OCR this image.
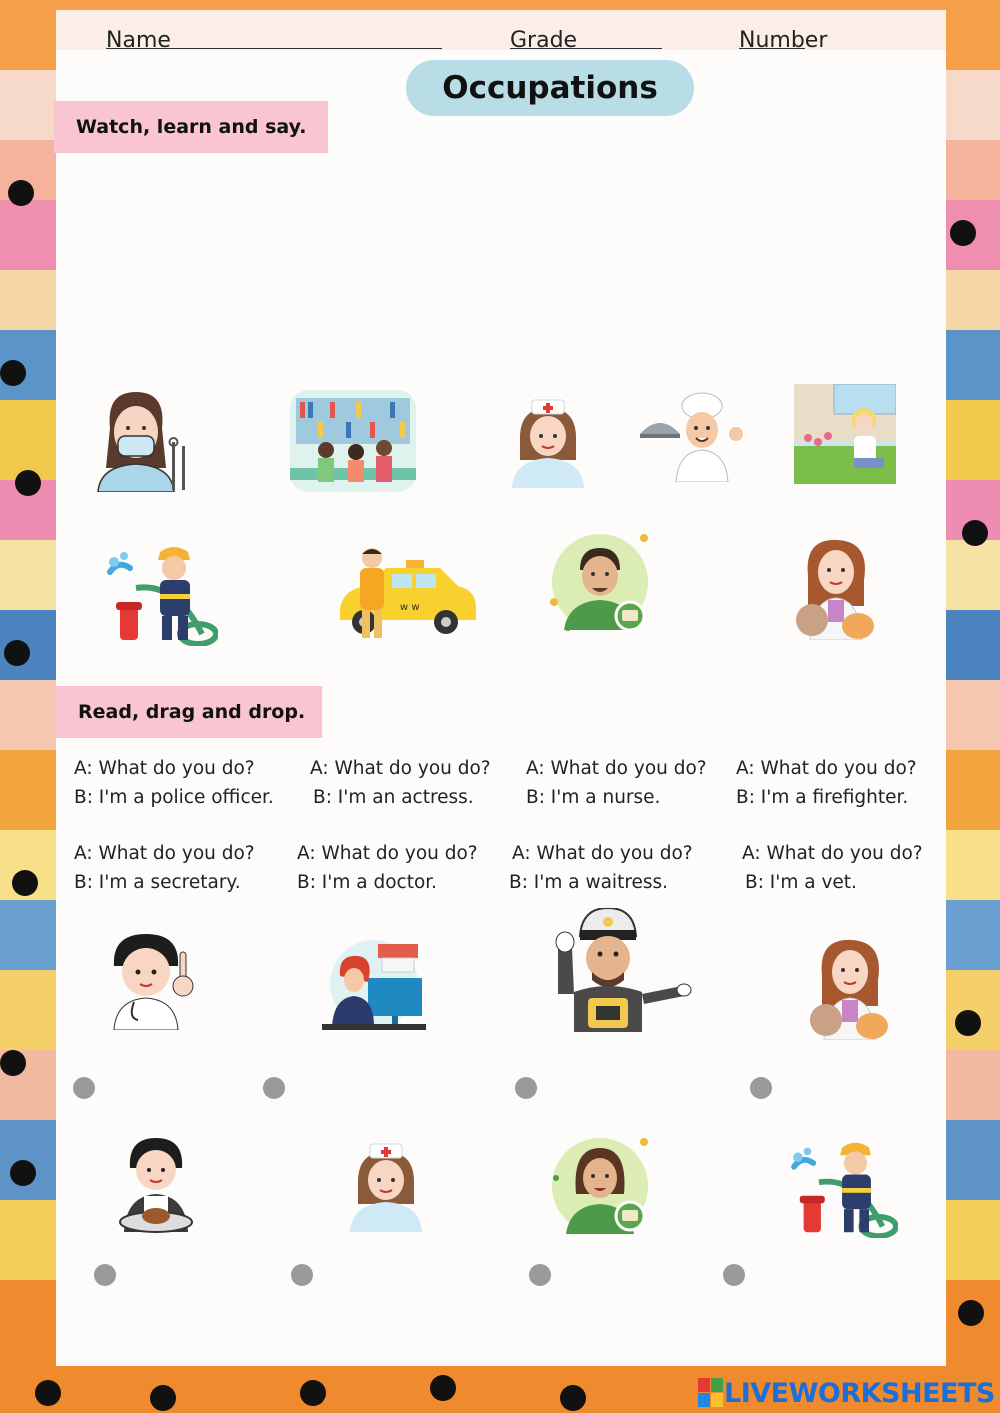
Name	Grade	Number
Occupations
Watch, learn and say.
w w
Read, drag and drop.
A: What do you do?
B: I'm a police officer.
A: What do you do?
B: I'm an actress.
A: What do you do?
B: I'm a nurse.
A: What do you do?
B: I'm a firefighter.
A: What do you do?
B: I'm a secretary.
A: What do you do?
B: I'm a doctor.
A: What do you do?
B: I'm a waitress.
A: What do you do?
B: I'm a vet.
LIVEWORKSHEETS
